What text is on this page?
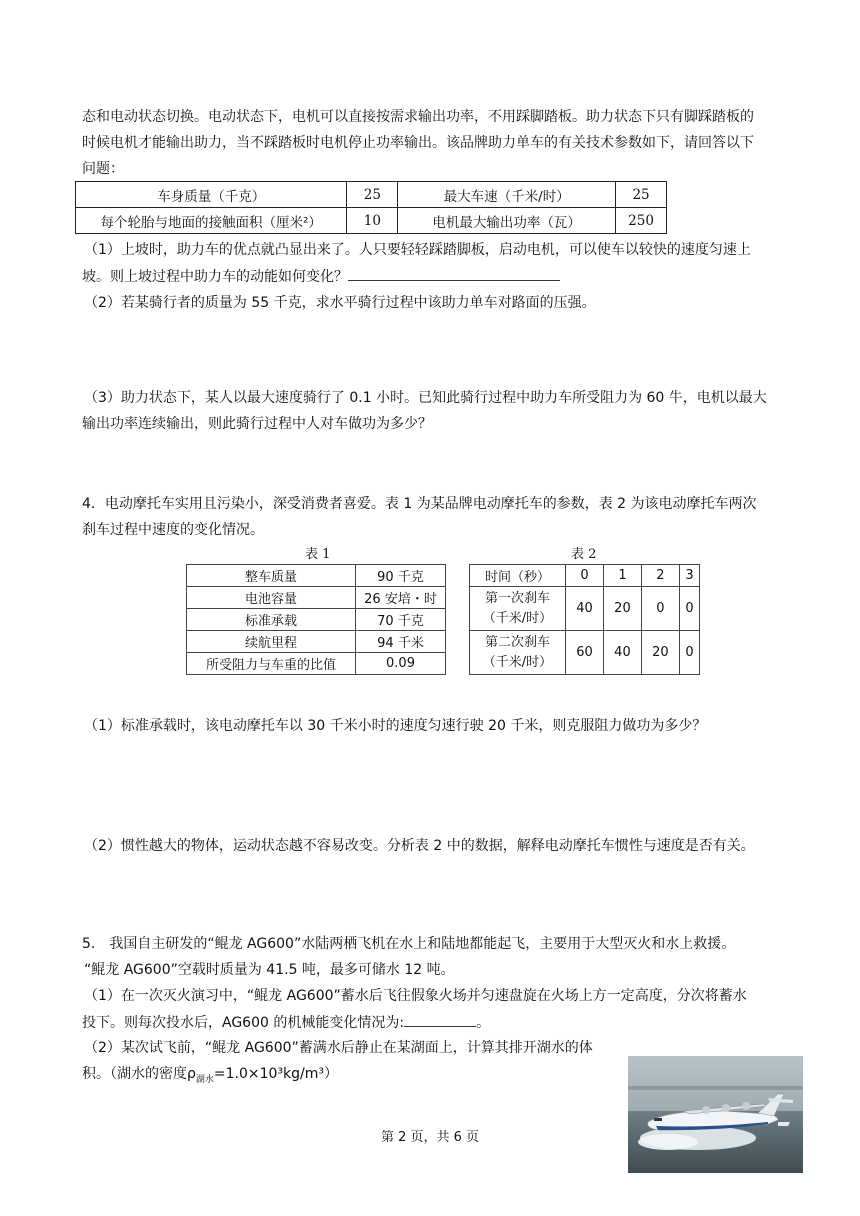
态和电动状态切换。电动状态下，电机可以直接按需求输出功率，不用踩脚踏板。助力状态下只有脚踩踏板的
时候电机才能输出助力，当不踩踏板时电机停止功率输出。该品牌助力单车的有关技术参数如下，请回答以下
问题：
车身质量（千克）	25	最大车速（千米/时）	25
每个轮胎与地面的接触面积（厘米²）	10	电机最大输出功率（瓦）	250
（1）上坡时，助力车的优点就凸显出来了。人只要轻轻踩踏脚板，启动电机，可以使车以较快的速度匀速上
坡。则上坡过程中助力车的动能如何变化？
（2）若某骑行者的质量为 55 千克，求水平骑行过程中该助力单车对路面的压强。
（3）助力状态下，某人以最大速度骑行了 0.1 小时。已知此骑行过程中助力车所受阻力为 60 牛，电机以最大
输出功率连续输出，则此骑行过程中人对车做功为多少？
4．电动摩托车实用且污染小，深受消费者喜爱。表 1 为某品牌电动摩托车的参数，表 2 为该电动摩托车两次
刹车过程中速度的变化情况。
表 1	表 2
整车质量	90 千克
电池容量	26 安培・时
标准承载	70 千克
续航里程	94 千米
所受阻力与车重的比值	0.09
时间（秒）	0	1	2	3

第一次刹车
（千米/时）	40	20	0	0

第二次刹车
（千米/时）	60	40	20	0
（1）标准承载时，该电动摩托车以 30 千米小时的速度匀速行驶 20 千米，则克服阻力做功为多少？
（2）惯性越大的物体，运动状态越不容易改变。分析表 2 中的数据，解释电动摩托车惯性与速度是否有关。
5． 我国自主研发的“鲲龙 AG600”水陆两栖飞机在水上和陆地都能起飞，主要用于大型灭火和水上救援。
“鲲龙 AG600”空载时质量为 41.5 吨，最多可储水 12 吨。
（1）在一次灭火演习中，“鲲龙 AG600”蓄水后飞往假象火场并匀速盘旋在火场上方一定高度，分次将蓄水
投下。则每次投水后，AG600 的机械能变化情况为:	。
（2）某次试飞前，“鲲龙 AG600”蓄满水后静止在某湖面上，计算其排开湖水的体
积。（湖水的密度$\rho_{湖水}=1.0\times 10^3kg/m^3$）
第 2 页，共 6 页
